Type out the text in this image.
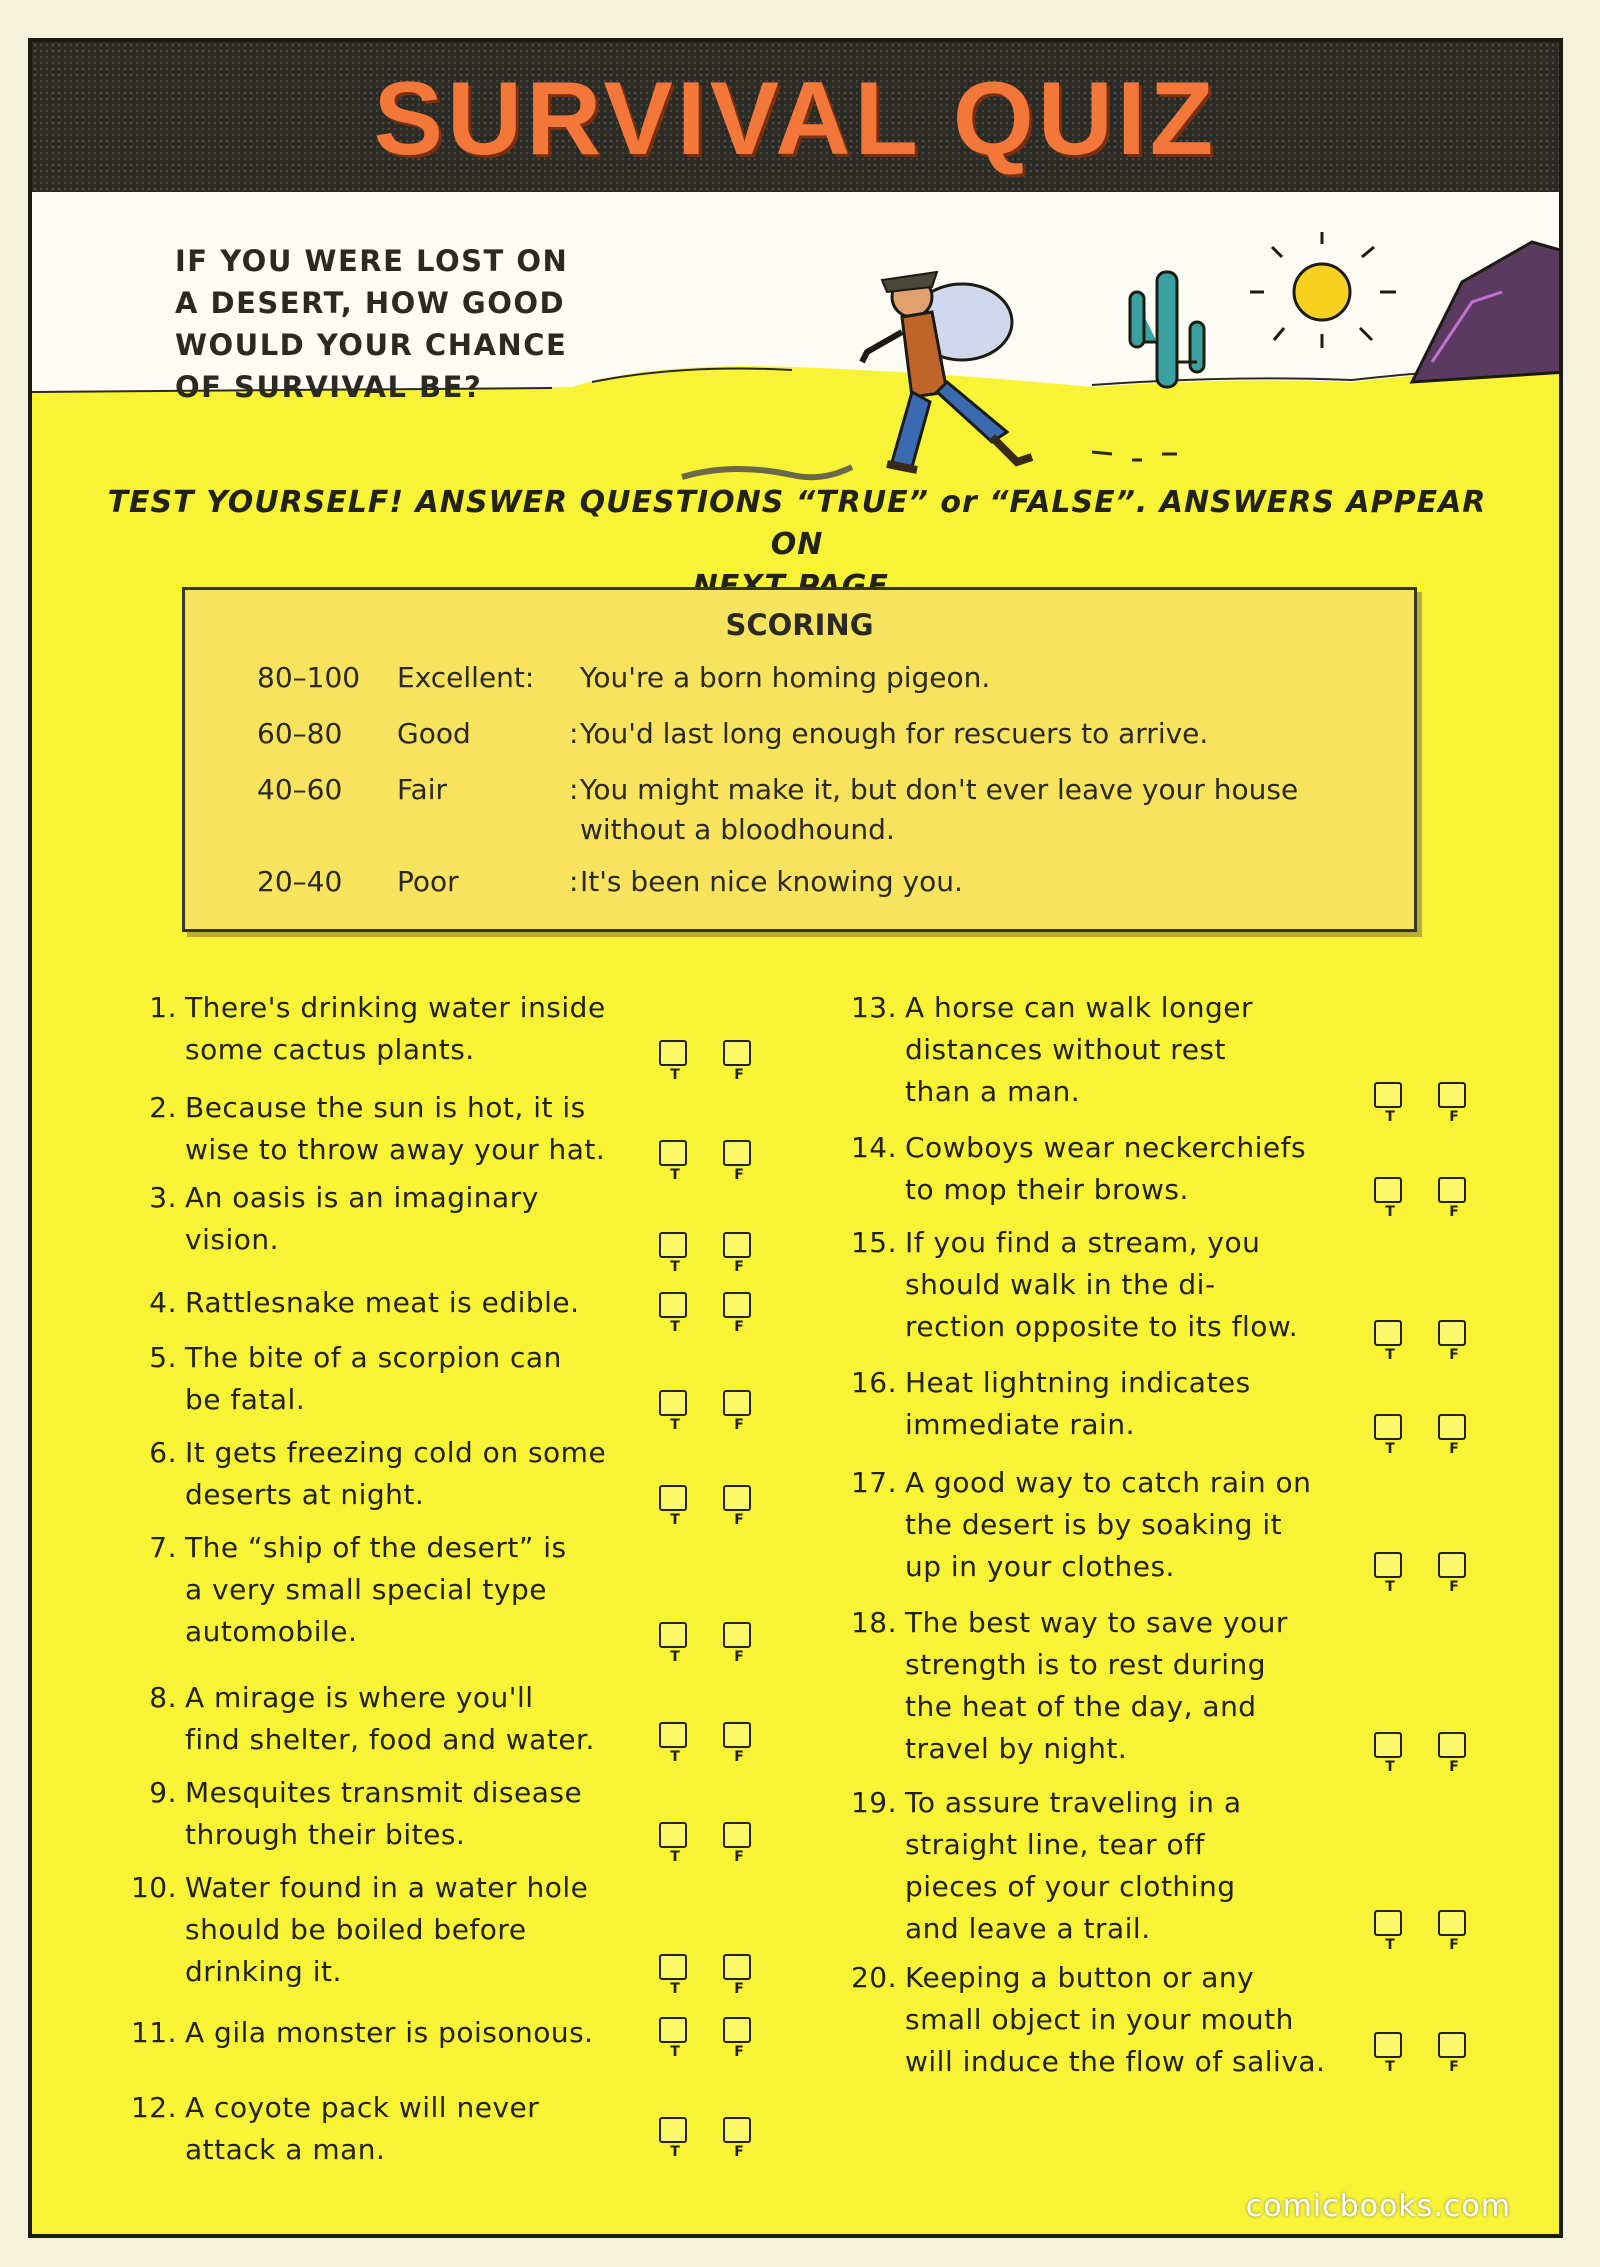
SURVIVAL QUIZ
IF YOU WERE LOST ON
A DESERT, HOW GOOD
WOULD YOUR CHANCE
OF SURVIVAL BE?
TEST YOURSELF! ANSWER QUESTIONS “TRUE” or “FALSE”. ANSWERS APPEAR ON
SCORING
80–100 Excellent: You're a born homing pigeon.
60–80 Good	: You'd last long enough for rescuers to arrive.
40–60 Fair	: You might make it, but don't ever leave your house
without a bloodhound.
20–40 Poor	: It's been nice knowing you.
1. There's drinking water inside
some cactus plants.
T	F
2. Because the sun is hot, it is
wise to throw away your hat.
T	F
3. An oasis is an imaginary
vision.
T	F
4. Rattlesnake meat is edible.
T	F
5. The bite of a scorpion can
be fatal.
T	F
6. It gets freezing cold on some
deserts at night.
T	F
7. The “ship of the desert” is
a very small special type
automobile.
T	F
8. A mirage is where you'll
find shelter, food and water.
T	F
9. Mesquites transmit disease
through their bites.
T	F
10. Water found in a water hole
should be boiled before
drinking it.
T	F
11. A gila monster is poisonous.
T	F
12. A coyote pack will never
attack a man.	T	F
13. A horse can walk longer
distances without rest
than a man.
T	F
14. Cowboys wear neckerchiefs
to mop their brows.
T	F
15. If you find a stream, you
should walk in the di-
rection opposite to its flow.
T	F
16. Heat lightning indicates
immediate rain.
T	F
17. A good way to catch rain on
the desert is by soaking it
up in your clothes.
T	F
18. The best way to save your
strength is to rest during
the heat of the day, and
travel by night.
T	F
19. To assure traveling in a
straight line, tear off
pieces of your clothing
and leave a trail.	T	F
20. Keeping a button or any
small object in your mouth
will induce the flow of saliva.	T	F
comicbooks.com
